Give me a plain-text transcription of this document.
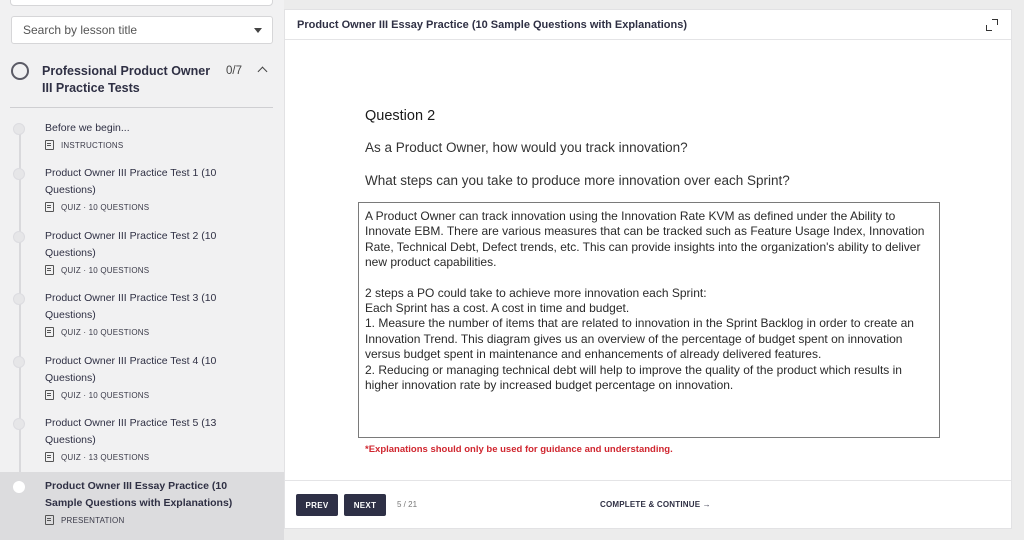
Search by lesson title
Professional Product Owner III Practice Tests
0/7
Before we begin...
INSTRUCTIONS
Product Owner III Practice Test 1 (10 Questions)
QUIZ · 10 QUESTIONS
Product Owner III Practice Test 2 (10 Questions)
QUIZ · 10 QUESTIONS
Product Owner III Practice Test 3 (10 Questions)
QUIZ · 10 QUESTIONS
Product Owner III Practice Test 4 (10 Questions)
QUIZ · 10 QUESTIONS
Product Owner III Practice Test 5 (13 Questions)
QUIZ · 13 QUESTIONS
Product Owner III Essay Practice (10 Sample Questions with Explanations)
PRESENTATION
Product Owner III Essay Practice (10 Sample Questions with Explanations)
Question 2
As a Product Owner, how would you track innovation?
What steps can you take to produce more innovation over each Sprint?

A Product Owner can track innovation using the Innovation Rate KVM as defined under the Ability to Innovate EBM. There are various measures that can be tracked such as Feature Usage Index, Innovation Rate, Technical Debt, Defect trends, etc. This can provide insights into the organization's ability to deliver new product capabilities.

2 steps a PO could take to achieve more innovation each Sprint:

Each Sprint has a cost. A cost in time and budget.

1. Measure the number of items that are related to innovation in the Sprint Backlog in order to create an Innovation Trend. This diagram gives us an overview of the percentage of budget spent on innovation versus budget spent in maintenance and enhancements of already delivered features.

2. Reducing or managing technical debt will help to improve the quality of the product which results in higher innovation rate by increased budget percentage on innovation.

*Explanations should only be used for guidance and understanding.
PREV	NEXT	5 / 21	COMPLETE & CONTINUE →
